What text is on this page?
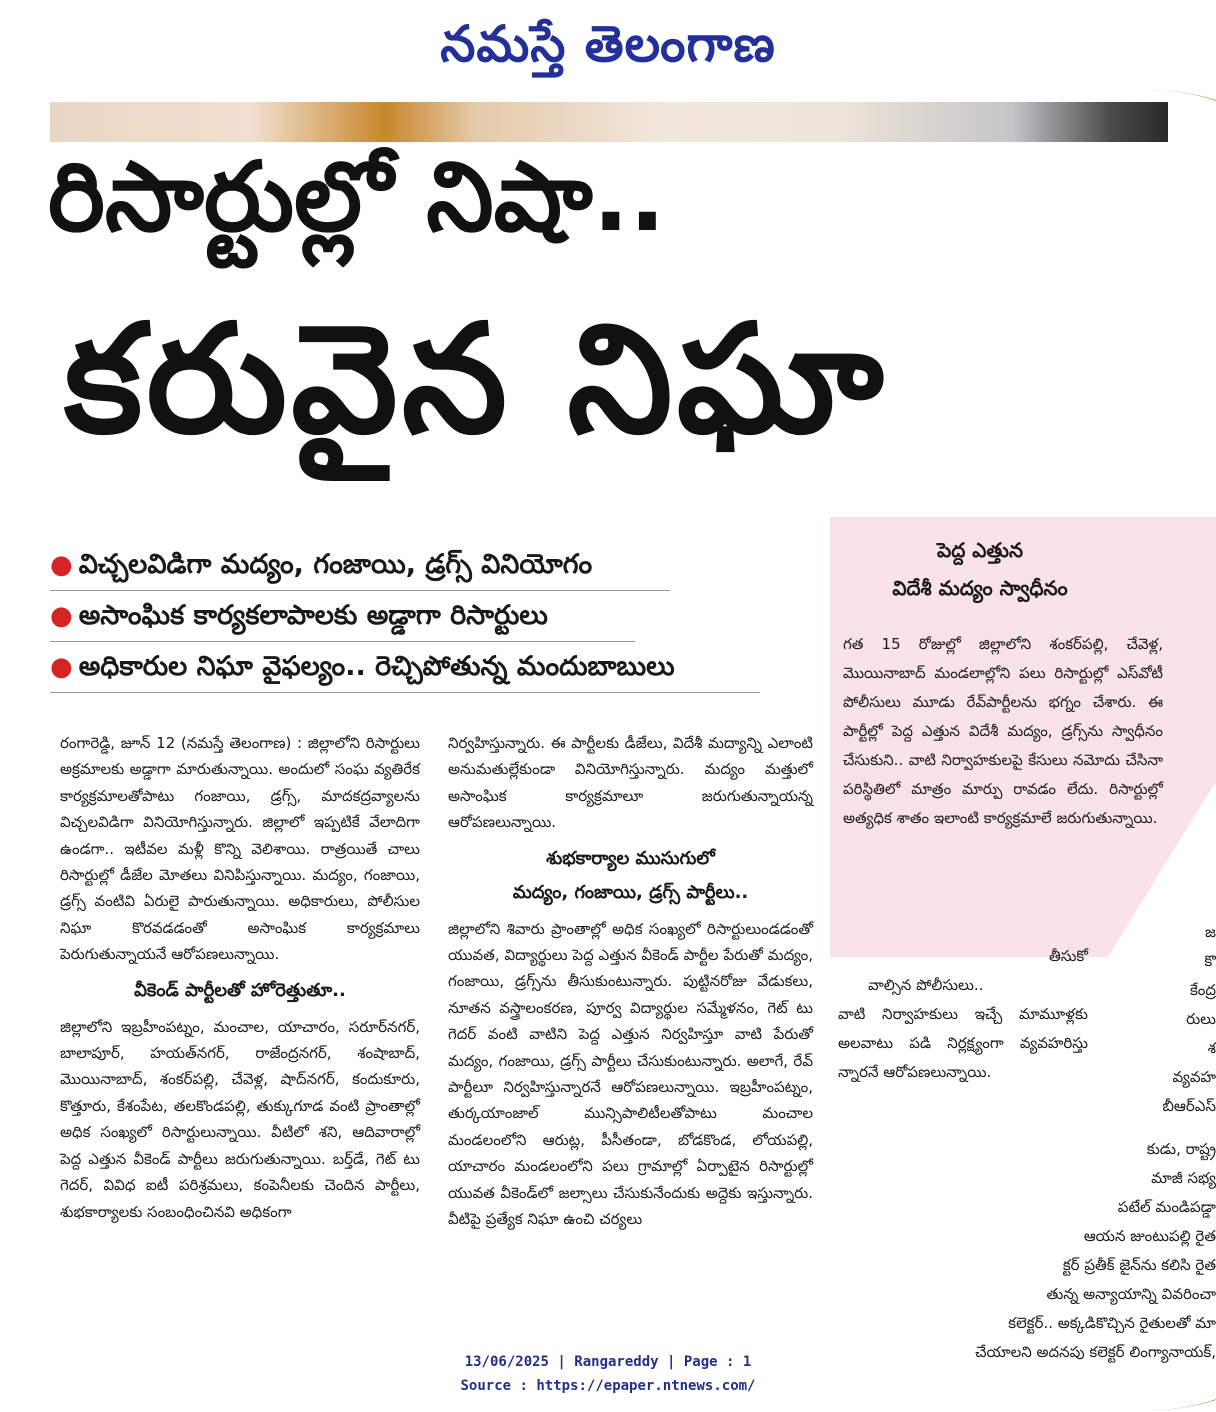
నమస్తే తెలంగాణ
రిసార్టుల్లో నిషా..
కరువైన నిఘా
● విచ్చలవిడిగా మద్యం, గంజాయి, డ్రగ్స్ వినియోగం
● అసాంఘిక కార్యకలాపాలకు అడ్డాగా రిసార్టులు
● అధికారుల నిఘా వైఫల్యం.. రెచ్చిపోతున్న మందుబాబులు
పెద్ద ఎత్తున
విదేశీ మద్యం స్వాధీనం
గత 15 రోజుల్లో జిల్లాలోని శంకర్‌పల్లి, చేవెళ్ల, మొయినాబాద్ మండలాల్లోని పలు రిసార్టుల్లో ఎస్‌వోటీ పోలీసులు మూడు రేవ్‌పార్టీలను భగ్నం చేశారు. ఈ పార్టీల్లో పెద్ద ఎత్తున విదేశీ మద్యం, డ్రగ్స్‌ను స్వాధీనం చేసుకుని.. వాటి నిర్వాహకులపై కేసులు నమోదు చేసినా పరిస్థితిలో మాత్రం మార్పు రావడం లేదు. రిసార్టుల్లో అత్యధిక శాతం ఇలాంటి కార్యక్రమాలే జరుగుతున్నాయి.

రంగారెడ్డి, జూన్ 12 (నమస్తే తెలంగాణ) : జిల్లాలోని రిసార్టులు అక్రమాలకు అడ్డాగా మారుతున్నాయి. అందులో సంఘ వ్యతిరేక కార్యక్రమాలతోపాటు గంజాయి, డ్రగ్స్, మాదకద్రవ్యాలను విచ్చలవిడిగా వినియోగిస్తున్నారు. జిల్లాలో ఇప్పటికే వేలాదిగా ఉండగా.. ఇటీవల మళ్లీ కొన్ని వెలిశాయి. రాత్రయితే చాలు రిసార్టుల్లో డీజేల మోతలు వినిపిస్తున్నాయి. మద్యం, గంజాయి, డ్రగ్స్ వంటివి ఏరులై పారుతున్నాయి. అధికారులు, పోలీసుల నిఘా కొరవడడంతో అసాంఘిక కార్యక్రమాలు పెరుగుతున్నాయనే ఆరోపణలున్నాయి.

వీకెండ్ పార్టీలతో హోరెత్తుతూ..

జిల్లాలోని ఇబ్రహీంపట్నం, మంచాల, యాచారం, సరూర్‌నగర్, బాలాపూర్, హయత్‌నగర్, రాజేంద్రనగర్, శంషాబాద్, మొయినాబాద్, శంకర్‌పల్లి, చేవెళ్ల, షాద్‌నగర్, కందుకూరు, కొత్తూరు, కేశంపేట, తలకొండపల్లి, తుక్కుగూడ వంటి ప్రాంతాల్లో అధిక సంఖ్యలో రిసార్టులున్నాయి. వీటిలో శని, ఆదివారాల్లో పెద్ద ఎత్తున వీకెండ్ పార్టీలు జరుగుతున్నాయి. బర్త్‌డే, గెట్ టు గెదర్, వివిధ ఐటీ పరిశ్రమలు, కంపెనీలకు చెందిన పార్టీలు, శుభకార్యాలకు సంబంధించినవి అధికంగా

నిర్వహిస్తున్నారు. ఈ పార్టీలకు డీజేలు, విదేశీ మద్యాన్ని ఎలాంటి అనుమతుల్లేకుండా వినియోగిస్తున్నారు. మద్యం మత్తులో అసాంఘిక కార్యక్రమాలూ జరుగుతున్నాయన్న ఆరోపణలున్నాయి.

శుభకార్యాల ముసుగులో
మద్యం, గంజాయి, డ్రగ్స్ పార్టీలు..

జిల్లాలోని శివారు ప్రాంతాల్లో అధిక సంఖ్యలో రిసార్టులుండడంతో యువత, విద్యార్థులు పెద్ద ఎత్తున వీకెండ్ పార్టీల పేరుతో మద్యం, గంజాయి, డ్రగ్స్‌ను తీసుకుంటున్నారు. పుట్టినరోజు వేడుకలు, నూతన వస్త్రాలంకరణ, పూర్వ విద్యార్థుల సమ్మేళనం, గెట్ టు గెదర్ వంటి వాటిని పెద్ద ఎత్తున నిర్వహిస్తూ వాటి పేరుతో మద్యం, గంజాయి, డ్రగ్స్ పార్టీలు చేసుకుంటున్నారు. అలాగే, రేవ్ పార్టీలూ నిర్వహిస్తున్నారనే ఆరోపణలున్నాయి. ఇబ్రహీంపట్నం, తుర్కయాంజాల్ మున్సిపాలిటీలతోపాటు మంచాల మండలంలోని ఆరుట్ల, పీసీతండా, బోడకొండ, లోయపల్లి, యాచారం మండలంలోని పలు గ్రామాల్లో ఏర్పాటైన రిసార్టుల్లో యువత వీకెండ్‌లో జల్సాలు చేసుకునేందుకు అద్దెకు ఇస్తున్నారు. వీటిపై ప్రత్యేక నిఘా ఉంచి చర్యలు

తీసుకో
వాల్సిన పోలీసులు..
వాటి నిర్వాహకులు ఇచ్చే మామూళ్లకు అలవాటు పడి నిర్లక్ష్యంగా వ్యవహరిస్తు న్నారనే ఆరోపణలున్నాయి.
జ
కొ
కేంద్ర
రులు
శ
వ్యవహ
బీఆర్ఎస్
కుడు, రాష్ట్ర
మాజీ సభ్య
పటేల్ మండిపడ్డా
ఆయన జుంటుపల్లి రైత
క్టర్ ప్రతీక్ జైన్‌ను కలిసి రైత
తున్న అన్యాయాన్ని వివరించా
కలెక్టర్.. అక్కడికొచ్చిన రైతులతో మా
చేయాలని అదనపు కలెక్టర్ లింగ్యానాయక్,
13/06/2025 | Rangareddy | Page : 1
Source : https://epaper.ntnews.com/
